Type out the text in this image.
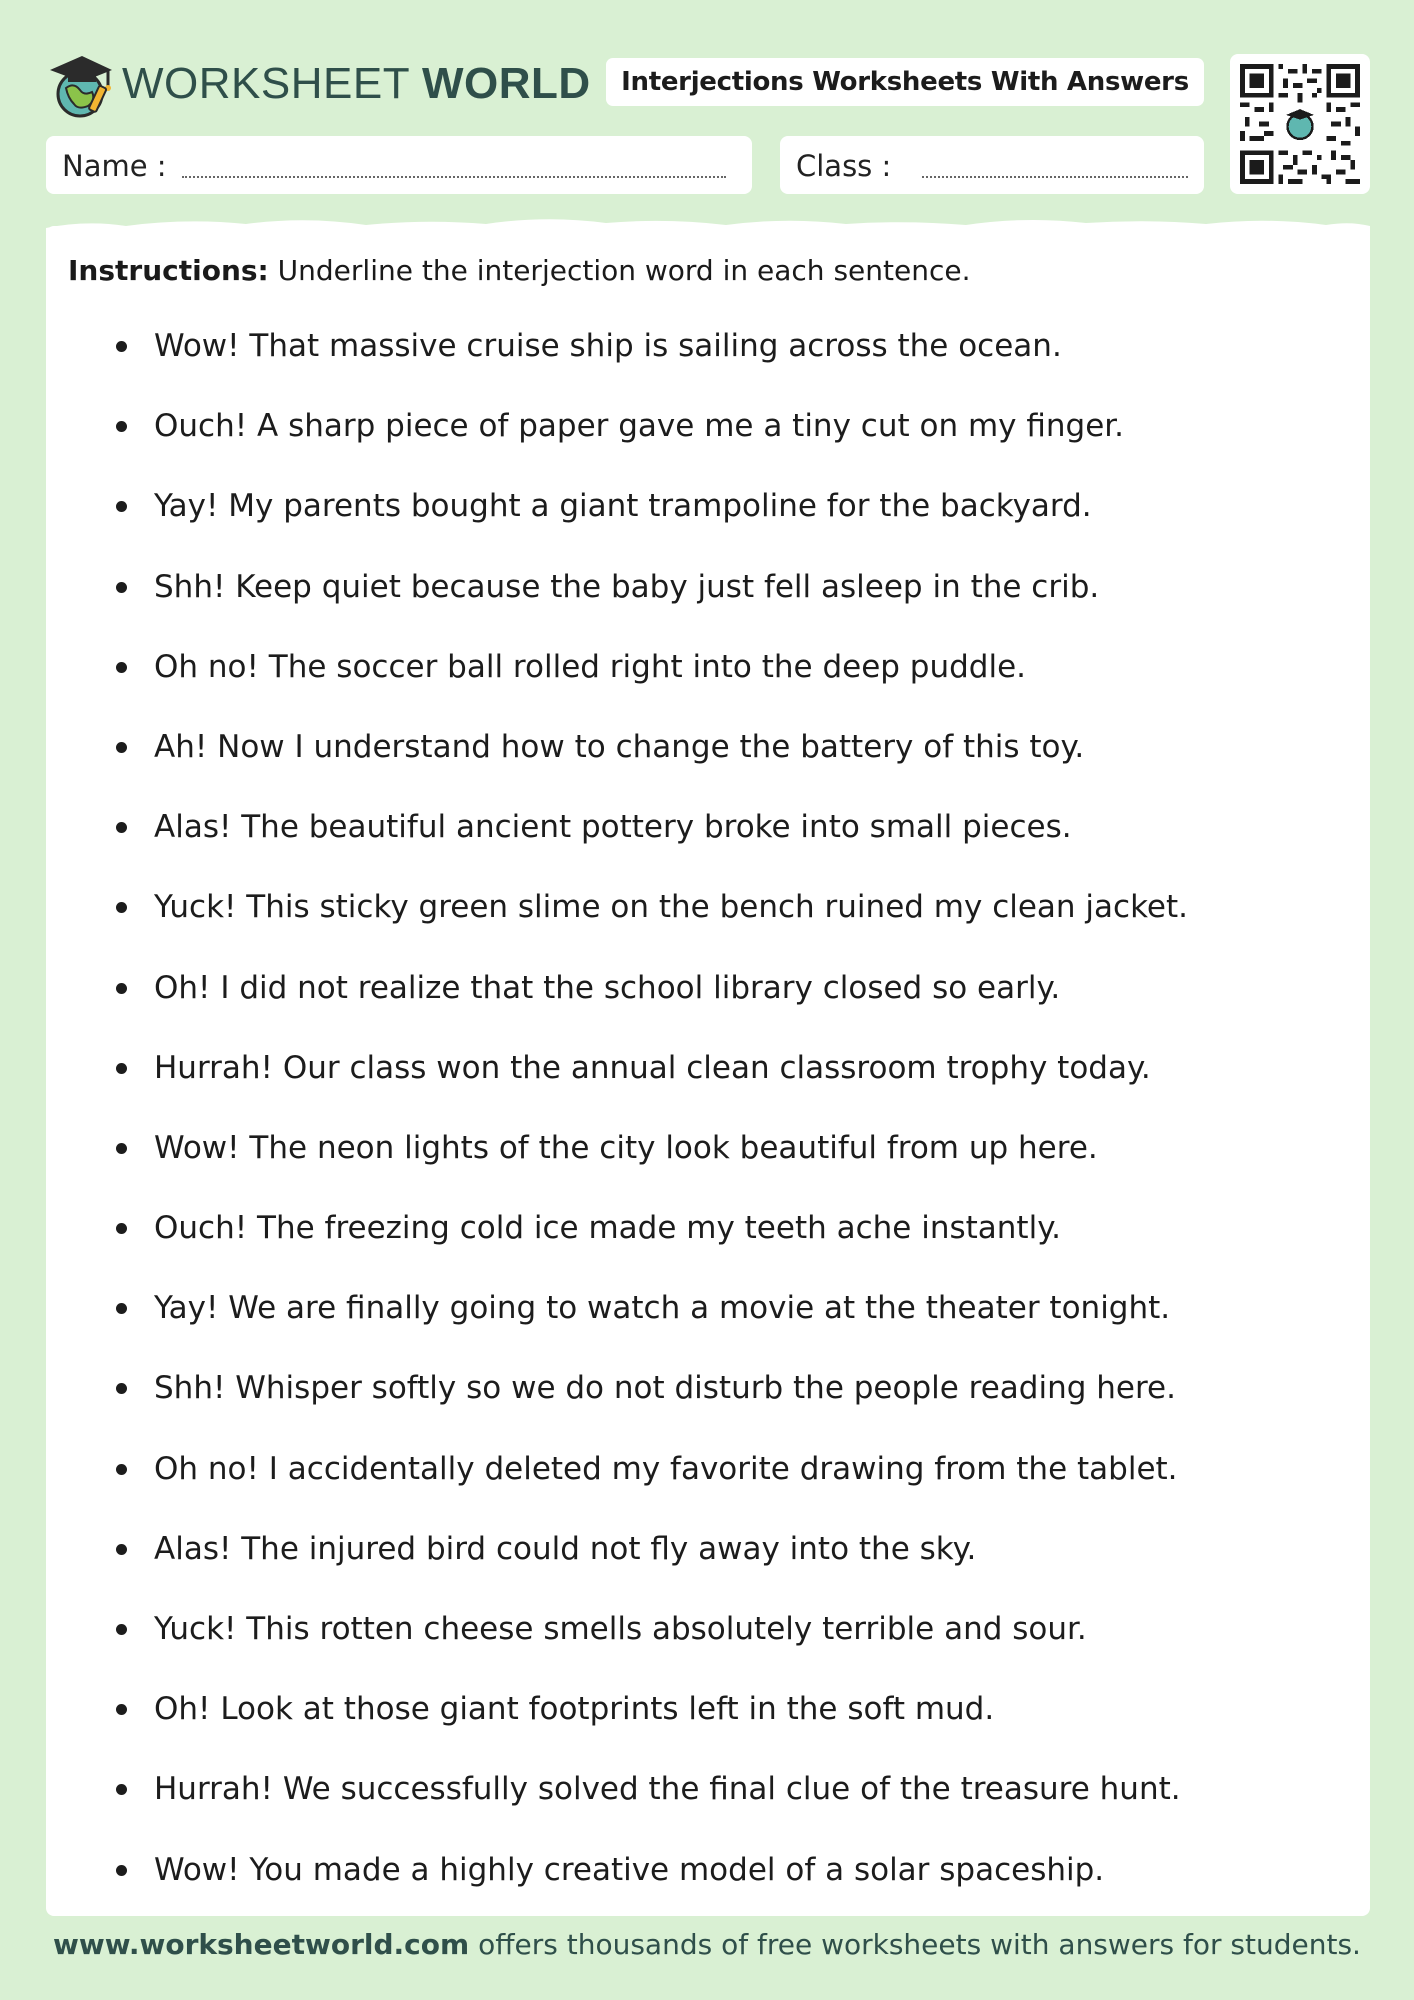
WORKSHEET WORLD	Interjections Worksheets With Answers
Name :	Class :
Instructions: Underline the interjection word in each sentence.
Wow! That massive cruise ship is sailing across the ocean.
Ouch! A sharp piece of paper gave me a tiny cut on my finger.
Yay! My parents bought a giant trampoline for the backyard.
Shh! Keep quiet because the baby just fell asleep in the crib.
Oh no! The soccer ball rolled right into the deep puddle.
Ah! Now I understand how to change the battery of this toy.
Alas! The beautiful ancient pottery broke into small pieces.
Yuck! This sticky green slime on the bench ruined my clean jacket.
Oh! I did not realize that the school library closed so early.
Hurrah! Our class won the annual clean classroom trophy today.
Wow! The neon lights of the city look beautiful from up here.
Ouch! The freezing cold ice made my teeth ache instantly.
Yay! We are finally going to watch a movie at the theater tonight.
Shh! Whisper softly so we do not disturb the people reading here.
Oh no! I accidentally deleted my favorite drawing from the tablet.
Alas! The injured bird could not fly away into the sky.
Yuck! This rotten cheese smells absolutely terrible and sour.
Oh! Look at those giant footprints left in the soft mud.
Hurrah! We successfully solved the final clue of the treasure hunt.
Wow! You made a highly creative model of a solar spaceship.
www.worksheetworld.com offers thousands of free worksheets with answers for students.
